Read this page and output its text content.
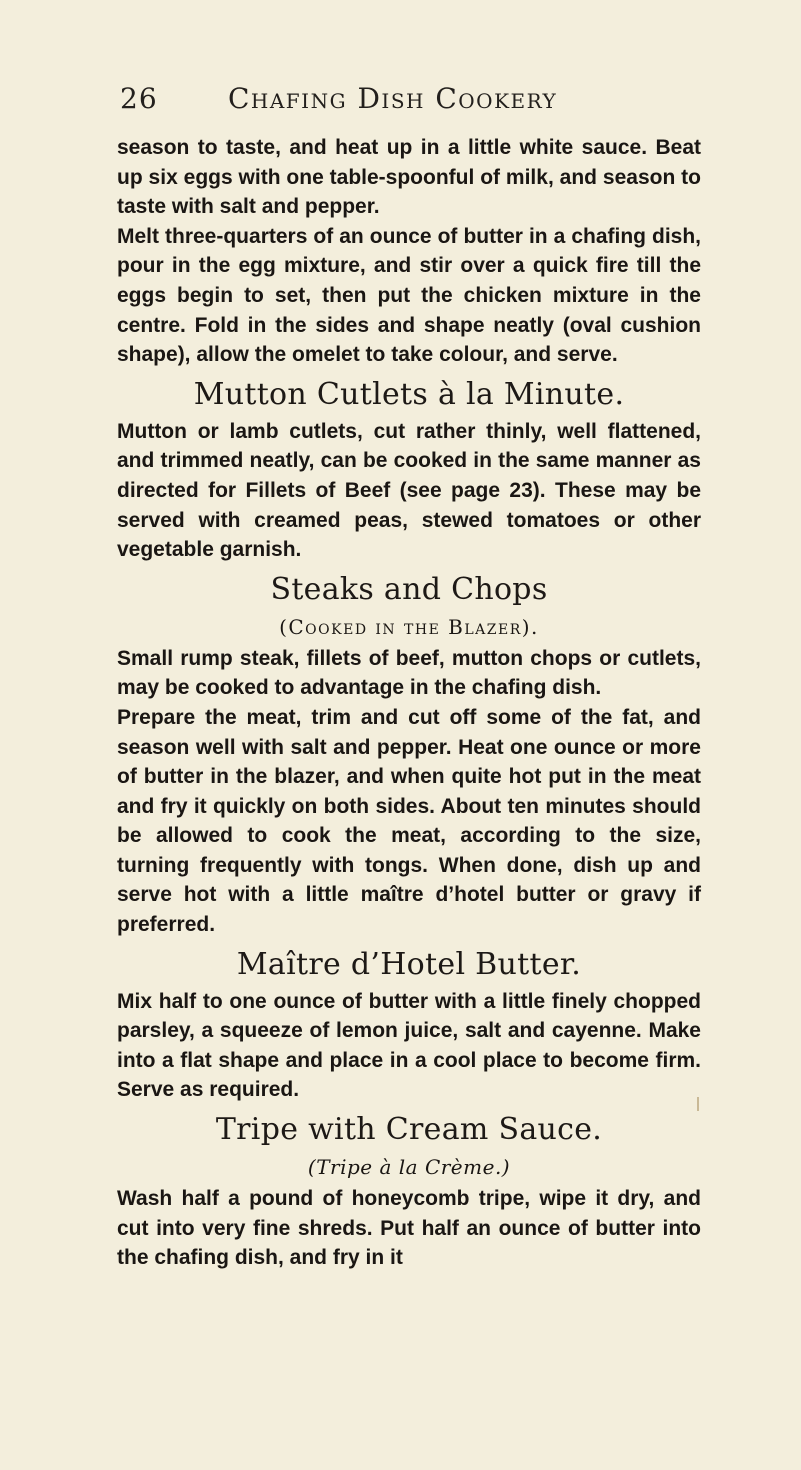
26	Chafing Dish Cookery

season to taste, and heat up in a little white sauce. Beat up six eggs with one table-spoonful of milk, and season to taste with salt and pepper.

Melt three-quarters of an ounce of butter in a chafing dish, pour in the egg mixture, and stir over a quick fire till the eggs begin to set, then put the chicken mixture in the centre. Fold in the sides and shape neatly (oval cushion shape), allow the omelet to take colour, and serve.

Mutton Cutlets à la Minute.

Mutton or lamb cutlets, cut rather thinly, well flattened, and trimmed neatly, can be cooked in the same manner as directed for Fillets of Beef (see page 23). These may be served with creamed peas, stewed tomatoes or other vegetable garnish.

Steaks and Chops
(Cooked in the Blazer).

Small rump steak, fillets of beef, mutton chops or cutlets, may be cooked to advantage in the chafing dish.

Prepare the meat, trim and cut off some of the fat, and season well with salt and pepper. Heat one ounce or more of butter in the blazer, and when quite hot put in the meat and fry it quickly on both sides. About ten minutes should be allowed to cook the meat, according to the size, turning frequently with tongs. When done, dish up and serve hot with a little maître d’hotel butter or gravy if preferred.

Maître d’Hotel Butter.

Mix half to one ounce of butter with a little finely chopped parsley, a squeeze of lemon juice, salt and cayenne. Make into a flat shape and place in a cool place to become firm. Serve as required.

Tripe with Cream Sauce.
(Tripe à la Crème.)

Wash half a pound of honeycomb tripe, wipe it dry, and cut into very fine shreds. Put half an ounce of butter into the chafing dish, and fry in it
